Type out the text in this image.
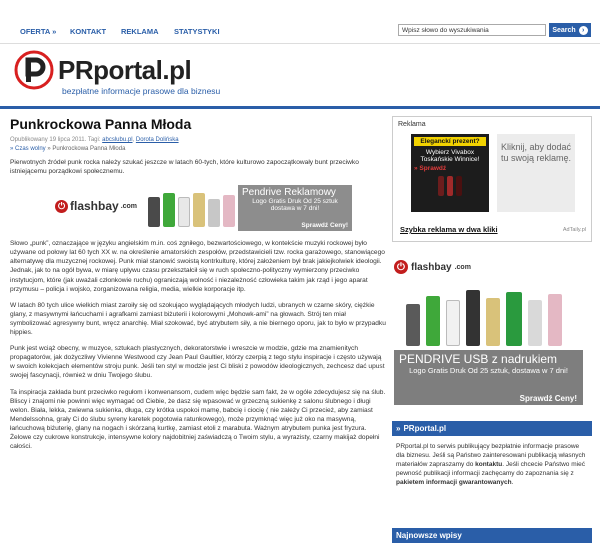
OFERTA » KONTAKT REKLAMA STATYSTYKI
Wpisz słowo do wyszukiwania	Search ›
PRportal.pl
bezpłatne informacje prasowe dla biznesu
Punkrockowa Panna Młoda
Opublikowany 19 lipca 2011. Tagi: abcslubu.pl, Dorota Dolińska
» Czas wolny » Punkrockowa Panna Młoda

Pierwotnych źródeł punk rocka należy szukać jeszcze w latach 60-tych, które kulturowo zapoczątkowały bunt przeciwko istniejącemu porządkowi społecznemu.

⏻ flashbay .com
Pendrive Reklamowy
Logo Gratis Druk Od 25 sztuk dostawa w 7 dni!
Sprawdź Ceny!

Słowo „punk”, oznaczające w języku angielskim m.in. coś zgniłego, bezwartościowego, w kontekście muzyki rockowej było używane od połowy lat 60 tych XX w. na określenie amatorskich zespołów, przedstawicieli tzw. rocka garażowego, stanowiącego alternatywę dla muzycznej rockowej. Punk miał stanowić swoistą kontrkulturę, której założeniem był brak jakiejkolwiek ideologii. Jednak, jak to na ogół bywa, w miarę upływu czasu przekształcił się w ruch społeczno-polityczny wymierzony przeciwko instytucjom, które (jak uważali członkowie ruchu) ograniczają wolność i niezależność człowieka takim jak rząd i jego aparat przymusu – policja i wojsko, zorganizowana religia, media, wielkie korporacje itp.

W latach 80 tych ulice wielkich miast zaroiły się od szokująco wyglądających młodych ludzi, ubranych w czarne skóry, ciężkie glany, z masywnymi łańcuchami i agrafkami zamiast biżuterii i kolorowymi „Mohowk-ami” na głowach. Strój ten miał symbolizować agresywny bunt, wręcz anarchię. Miał szokować, być atrybutem siły, a nie biernego oporu, jak to było w przypadku hippies.

Punk jest wciąż obecny, w muzyce, sztukach plastycznych, dekoratorstwie i wreszcie w modzie, gdzie ma znamienitych propagatorów, jak dożyczliwy Vivienne Westwood czy Jean Paul Gaultier, którzy czerpią z tego stylu inspiracje i często używają w swoich kolekcjach elementów stroju punk. Jeśli ten styl w modzie jest Ci bliski z powodów ideologicznych, zechcesz dać upust swojej fascynacji, również w dniu Twojego ślubu.

Ta inspiracja zakłada bunt przeciwko regułom i konwenansom, cudem więc będzie sam fakt, że w ogóle zdecydujesz się na ślub. Bliscy i znajomi nie powinni więc wymagać od Ciebie, że dasz się wpasować w grzeczną sukienkę z salonu ślubnego i długi welon. Biała, lekka, zwiewna sukienka, długa, czy krótka uspokoi mamę, babcię i ciocię ( nie zależy Ci przecież, aby zamiast Mendelssohna, grały Ci do ślubu syreny karetek pogotowia ratunkowego), może przymknąć więc już oko na masywną, łańcuchową biżuterię, glany na nogach i skórzaną kurtkę, zamiast etoli z marabuta. Ważnym atrybutem punka jest fryzura. Żelowe czy cukrowe konstrukcje, intensywne kolory najdobitniej zaświadczą o Twoim stylu, a wyrazisty, czarny makijaż dopełni całości.

Reklama
Eleganckí prezent?
Wybierz Vivabox Toskańskie Winnice!
» Sprawdź
Kliknij, aby dodać tu swoją reklamę.
Szybka reklama w dwa kliki	AdTaily.pl
⏻ flashbay .com
PENDRIVE USB z nadrukiem
Logo Gratis Druk Od 25 sztuk, dostawa w 7 dni!
Sprawdź Ceny!
» PRportal.pl
PRportal.pl to serwis publikujący bezpłatnie informacje prasowe dla biznesu. Jeśli są Państwo zainteresowani publikacją własnych materiałów zapraszamy do kontaktu. Jeśli chcecie Państwo mieć pewność publikacji informacji zachęcamy do zapoznania się z pakietem informacji gwarantowanych.
Najnowsze wpisy
